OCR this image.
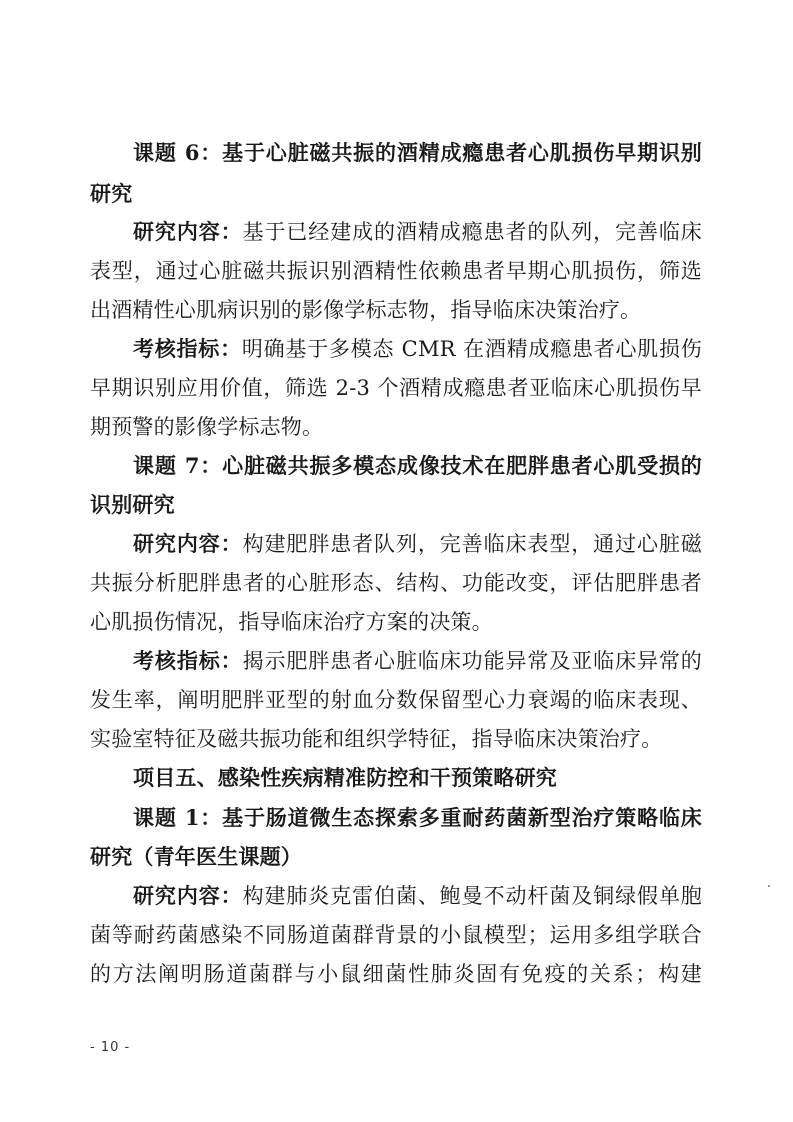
课题 6：基于心脏磁共振的酒精成瘾患者心肌损伤早期识别
研究
研究内容：基于已经建成的酒精成瘾患者的队列，完善临床
表型，通过心脏磁共振识别酒精性依赖患者早期心肌损伤，筛选
出酒精性心肌病识别的影像学标志物，指导临床决策治疗。
考核指标：明确基于多模态 CMR 在酒精成瘾患者心肌损伤
早期识别应用价值，筛选 2-3 个酒精成瘾患者亚临床心肌损伤早
期预警的影像学标志物。
课题 7：心脏磁共振多模态成像技术在肥胖患者心肌受损的
识别研究
研究内容：构建肥胖患者队列，完善临床表型，通过心脏磁
共振分析肥胖患者的心脏形态、结构、功能改变，评估肥胖患者
心肌损伤情况，指导临床治疗方案的决策。
考核指标：揭示肥胖患者心脏临床功能异常及亚临床异常的
发生率，阐明肥胖亚型的射血分数保留型心力衰竭的临床表现、
实验室特征及磁共振功能和组织学特征，指导临床决策治疗。
项目五、感染性疾病精准防控和干预策略研究
课题 1：基于肠道微生态探索多重耐药菌新型治疗策略临床
研究（青年医生课题）
研究内容：构建肺炎克雷伯菌、鲍曼不动杆菌及铜绿假单胞
菌等耐药菌感染不同肠道菌群背景的小鼠模型；运用多组学联合
的方法阐明肠道菌群与小鼠细菌性肺炎固有免疫的关系；构建
- 10 -
